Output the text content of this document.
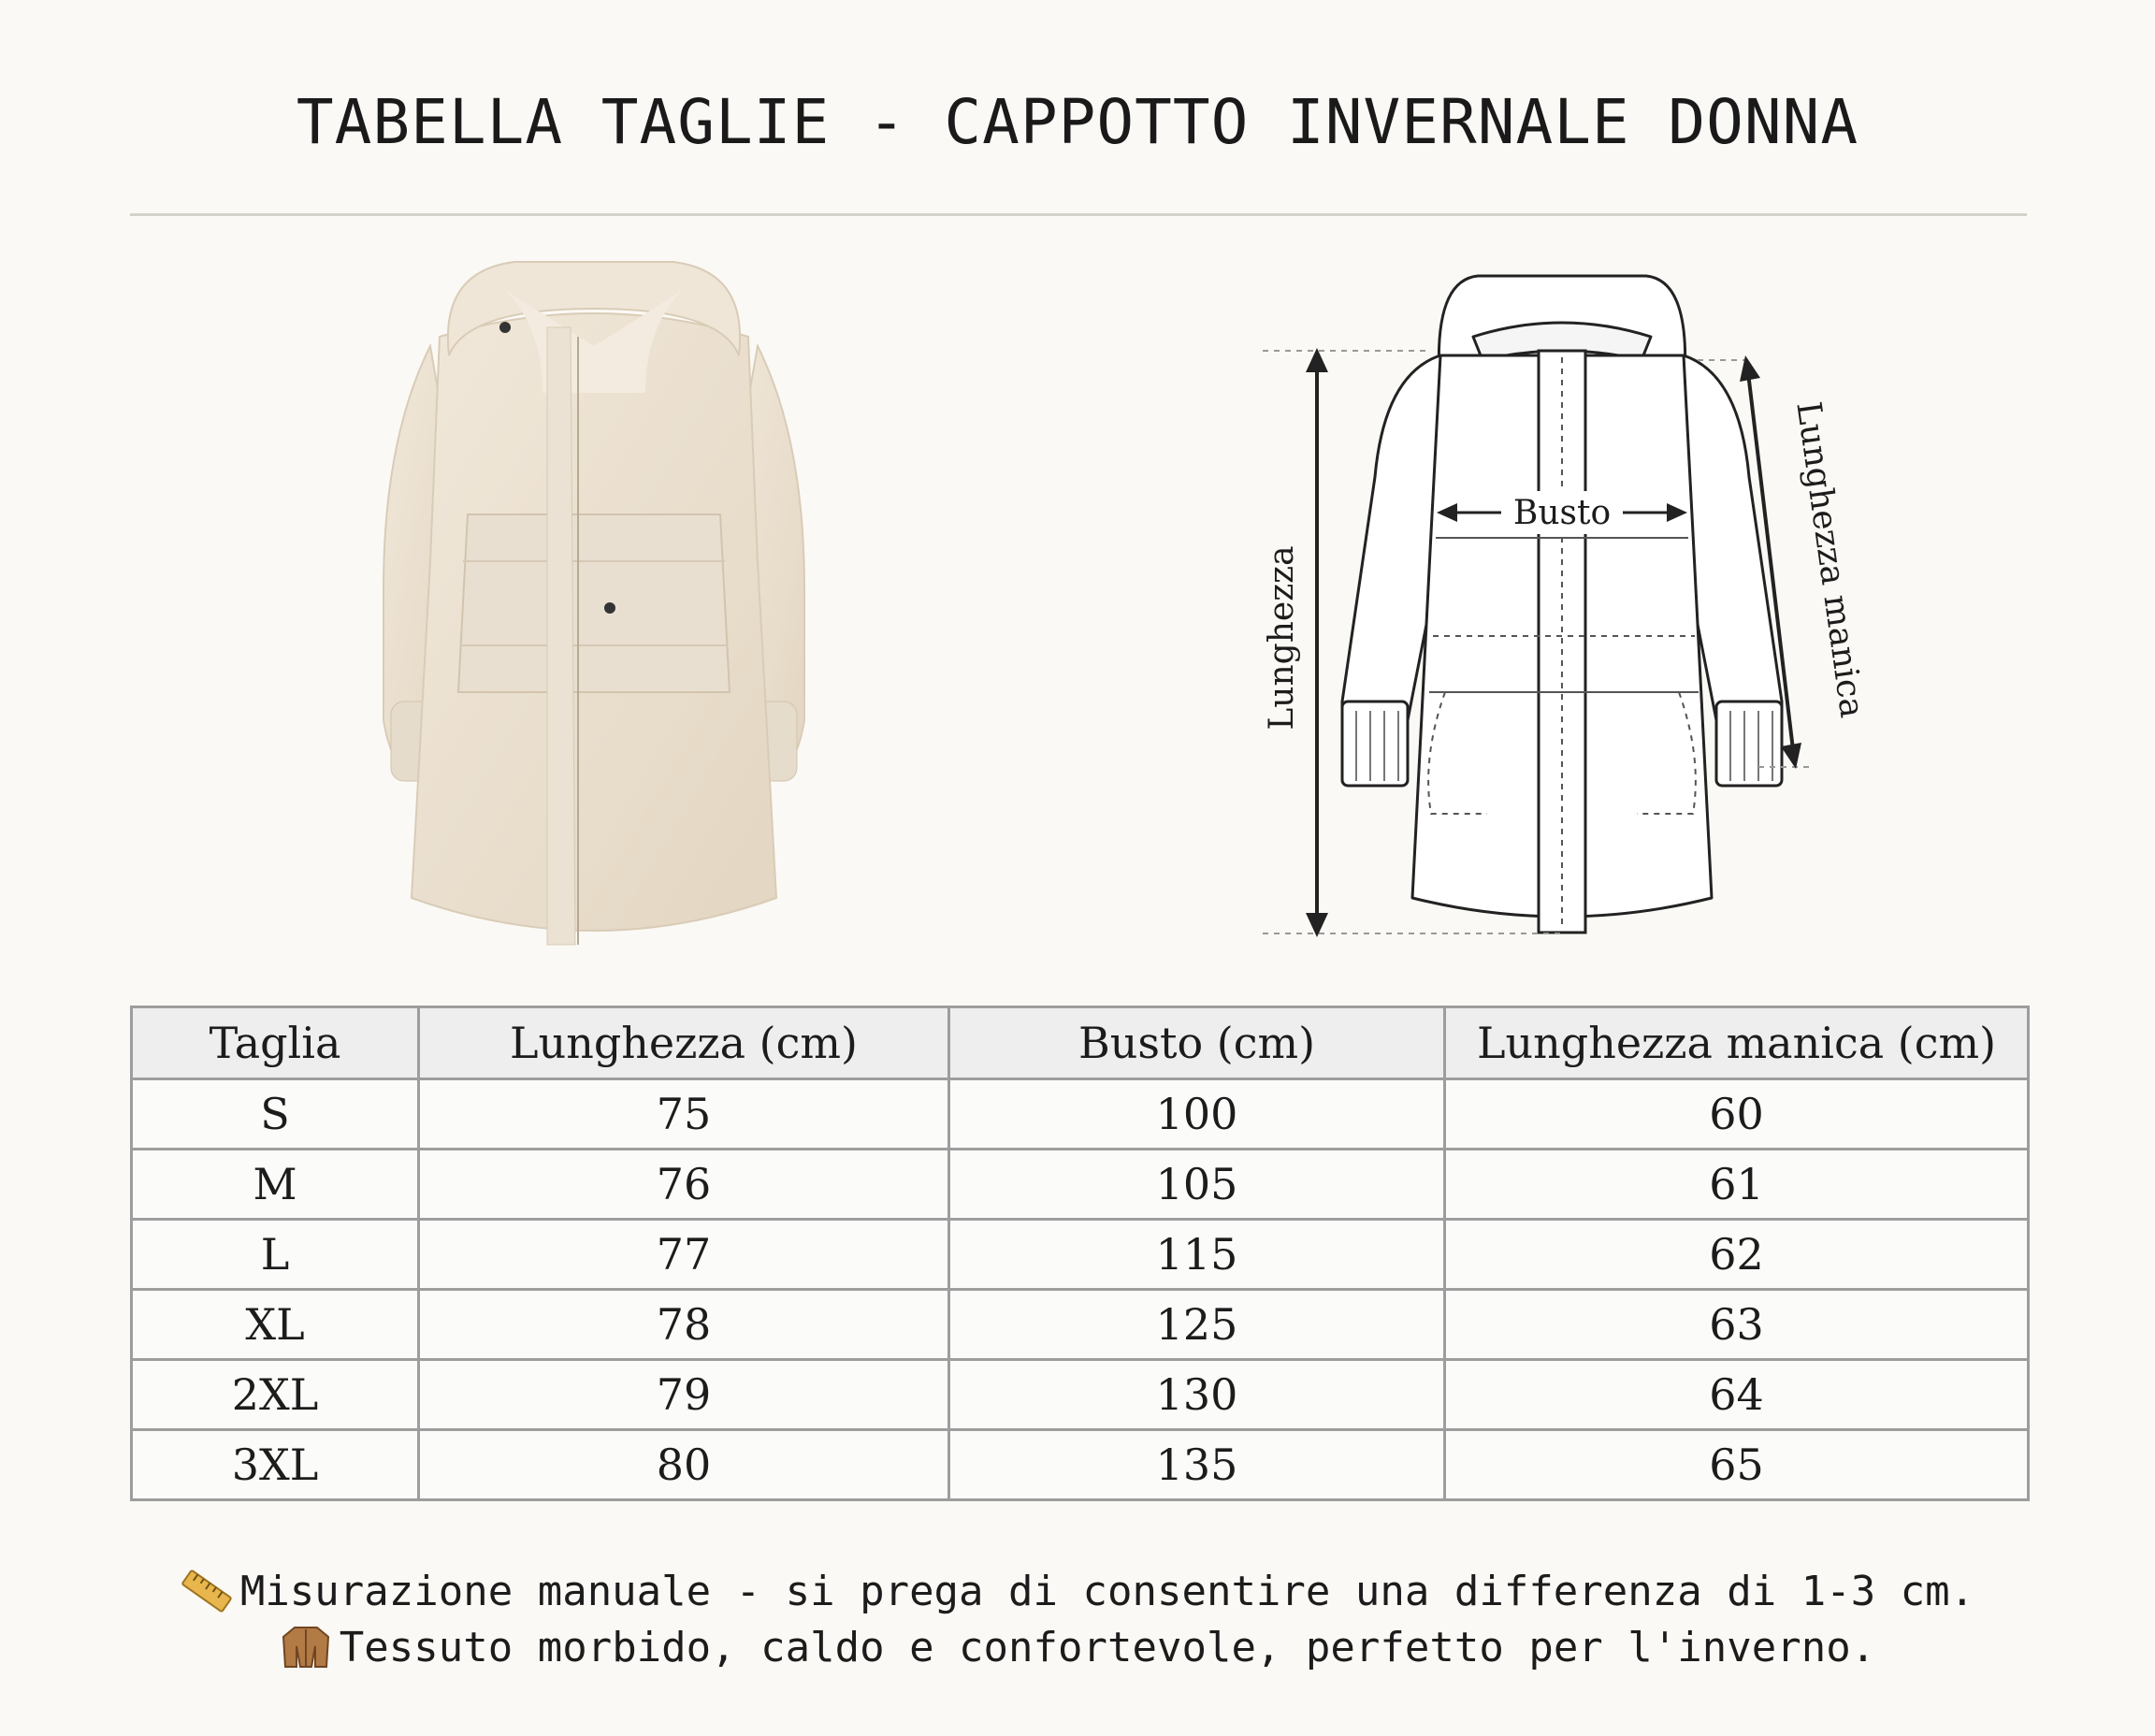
TABELLA TAGLIE - CAPPOTTO INVERNALE DONNA
Lunghezza
Busto	Lunghezza manica
Taglia	Lunghezza (cm)	Busto (cm)	Lunghezza manica (cm)
S	75	100	60
M	76	105	61
L	77	115	62
XL	78	125	63
2XL	79	130	64
3XL	80	135	65
Misurazione manuale - si prega di consentire una differenza di 1-3 cm.
Tessuto morbido, caldo e confortevole, perfetto per l'inverno.
